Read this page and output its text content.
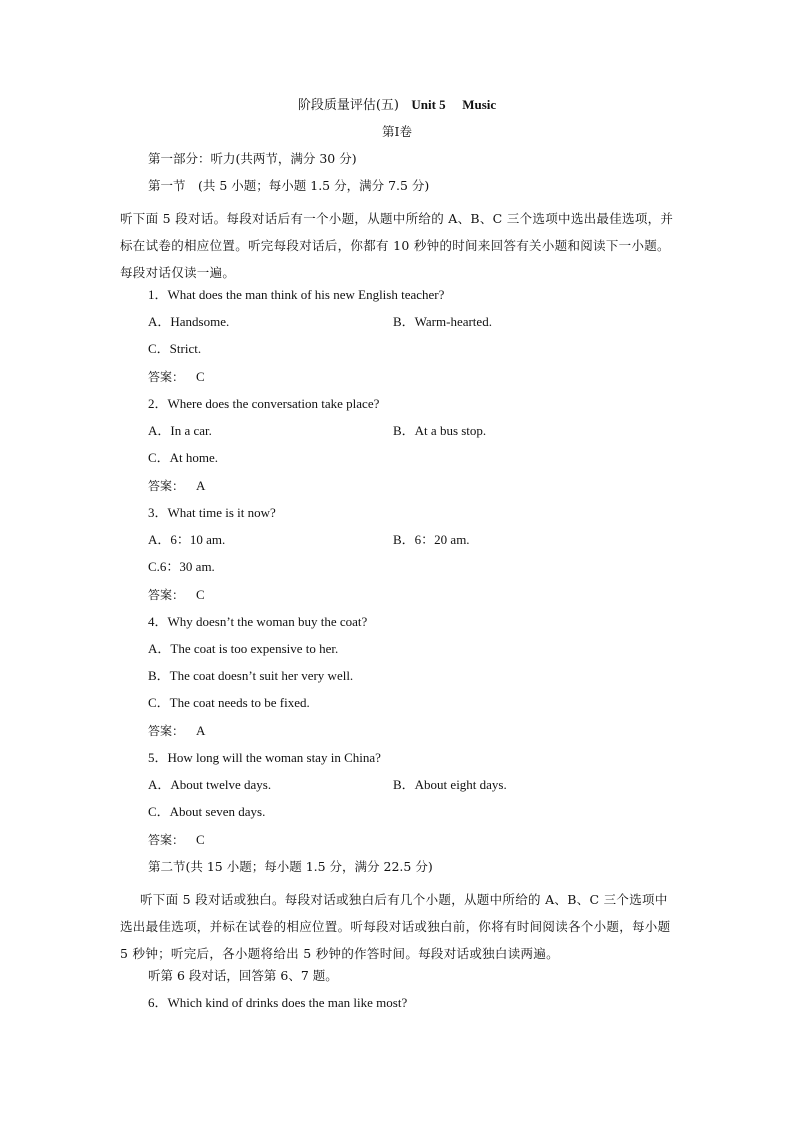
阶段质量评估(五) Unit 5 Music
第Ⅰ卷
第一部分：听力(共两节，满分 30 分)
第一节　(共 5 小题；每小题 1.5 分，满分 7.5 分)
听下面 5 段对话。每段对话后有一个小题，从题中所给的 A、B、C 三个选项中选出最佳选项，并标在试卷的相应位置。听完每段对话后，你都有 10 秒钟的时间来回答有关小题和阅读下一小题。每段对话仅读一遍。
1．What does the man think of his new English teacher?
A．Handsome.	B．Warm-hearted.
C．Strict.
答案： C
2．Where does the conversation take place?
A．In a car.	B．At a bus stop.
C．At home.
答案： A
3．What time is it now?
A．6：10 am.	B．6：20 am.
C.6：30 am.
答案： C
4．Why doesn’t the woman buy the coat?
A．The coat is too expensive to her.
B．The coat doesn’t suit her very well.
C．The coat needs to be fixed.
答案： A
5．How long will the woman stay in China?
A．About twelve days.	B．About eight days.
C．About seven days.
答案： C
第二节(共 15 小题；每小题 1.5 分，满分 22.5 分)
听下面 5 段对话或独白。每段对话或独白后有几个小题，从题中所给的 A、B、C 三个选项中选出最佳选项，并标在试卷的相应位置。听每段对话或独白前，你将有时间阅读各个小题，每小题 5 秒钟；听完后，各小题将给出 5 秒钟的作答时间。每段对话或独白读两遍。
听第 6 段对话，回答第 6、7 题。
6．Which kind of drinks does the man like most?
